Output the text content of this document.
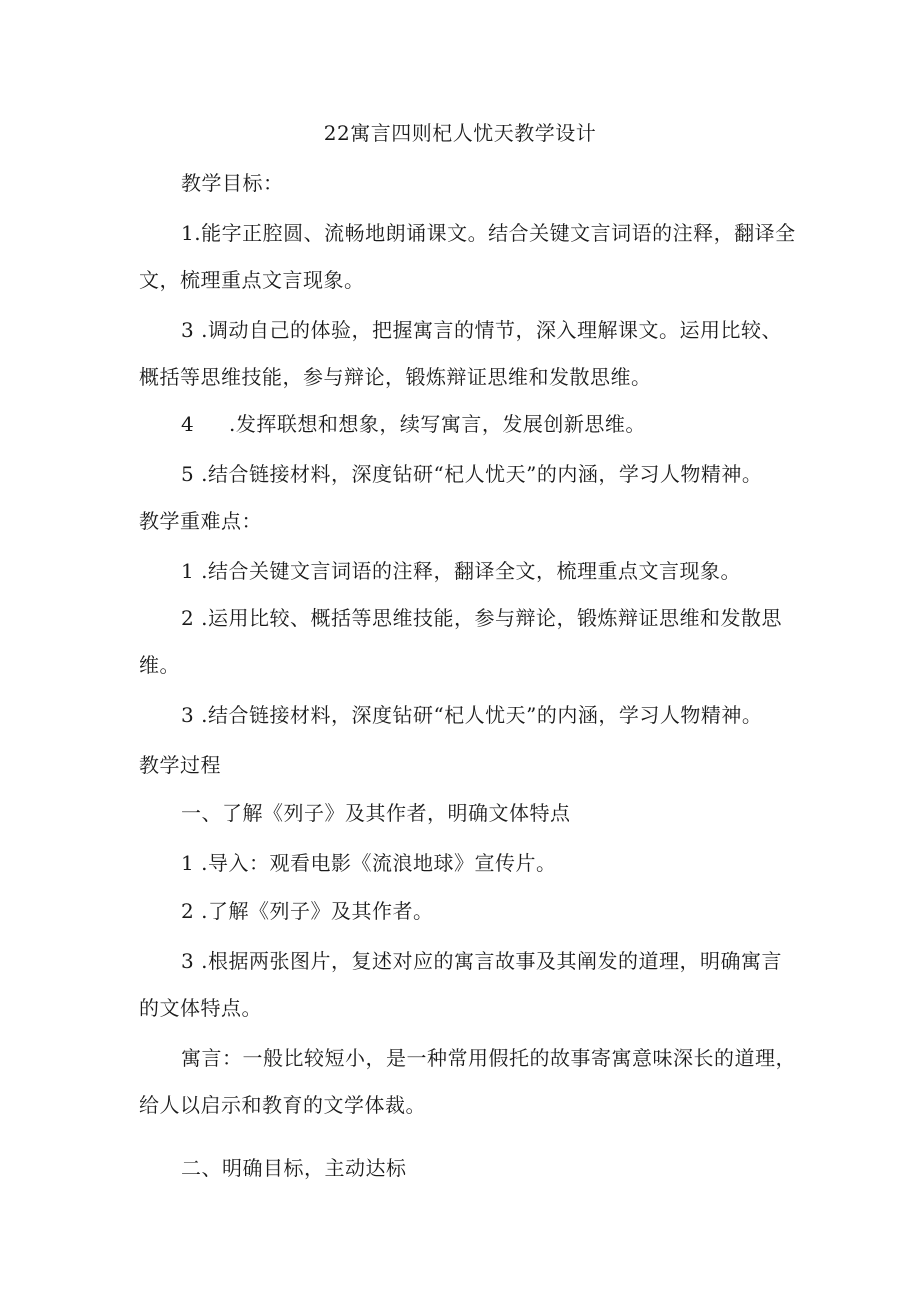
22寓言四则杞人忧天教学设计
教学目标：
1.能字正腔圆、流畅地朗诵课文。结合关键文言词语的注释，翻译全
文，梳理重点文言现象。
3 .调动自己的体验，把握寓言的情节，深入理解课文。运用比较、
概括等思维技能，参与辩论，锻炼辩证思维和发散思维。
4 .发挥联想和想象，续写寓言，发展创新思维。
5 .结合链接材料，深度钻研“杞人忧天”的内涵，学习人物精神。
教学重难点：
1 .结合关键文言词语的注释，翻译全文，梳理重点文言现象。
2 .运用比较、概括等思维技能，参与辩论，锻炼辩证思维和发散思
维。
3 .结合链接材料，深度钻研“杞人忧天”的内涵，学习人物精神。
教学过程
一、了解《列子》及其作者，明确文体特点
1 .导入：观看电影《流浪地球》宣传片。
2 .了解《列子》及其作者。
3 .根据两张图片，复述对应的寓言故事及其阐发的道理，明确寓言
的文体特点。
寓言：一般比较短小，是一种常用假托的故事寄寓意味深长的道理，
给人以启示和教育的文学体裁。
二、明确目标，主动达标
